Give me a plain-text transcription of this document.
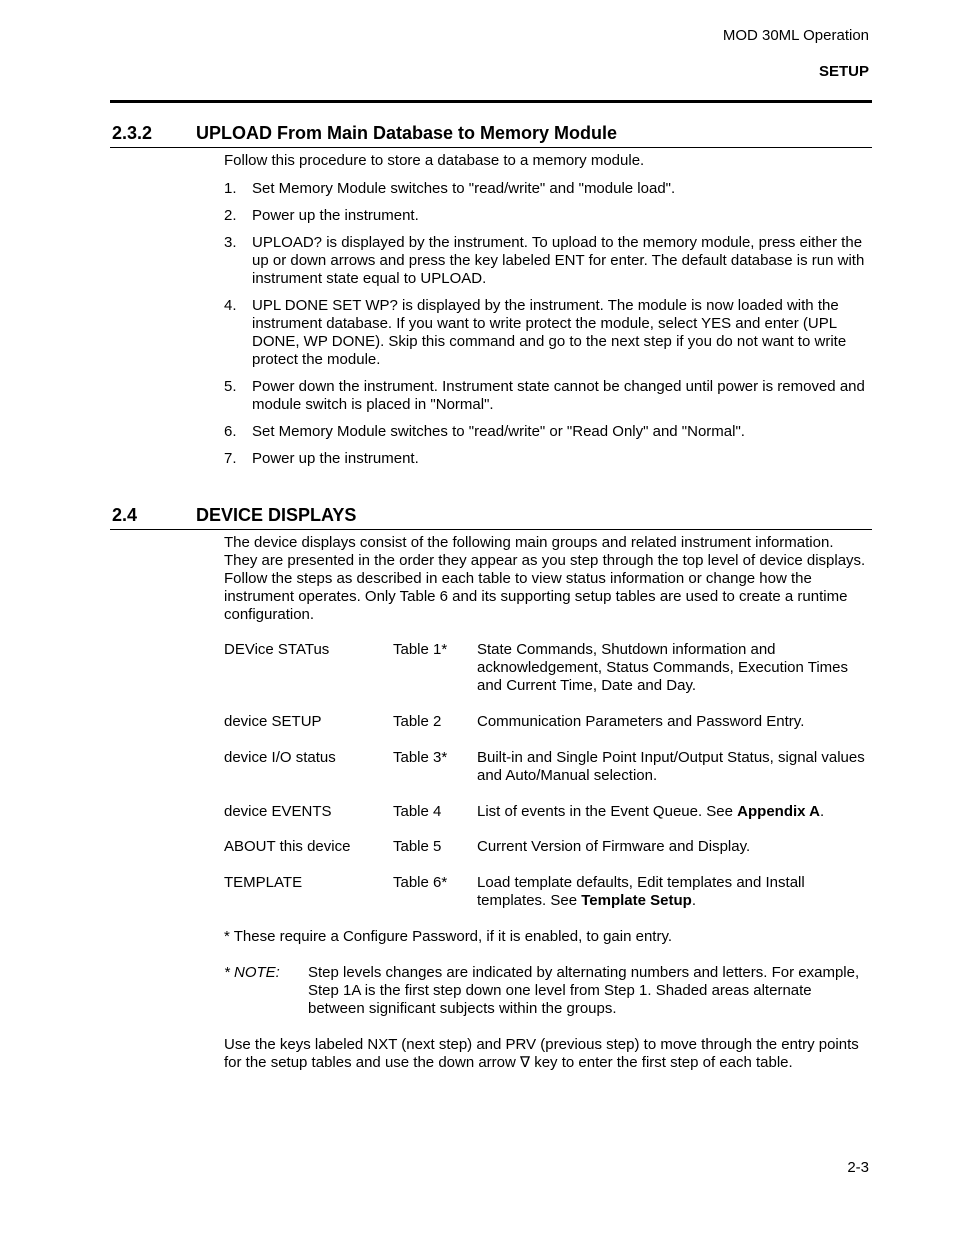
MOD 30ML Operation
SETUP
2.3.2 UPLOAD From Main Database to Memory Module
Follow this procedure to store a database to a memory module.
1. Set Memory Module switches to "read/write" and "module load".
2. Power up the instrument.
3. UPLOAD? is displayed by the instrument. To upload to the memory module, press either the up or down arrows and press the key labeled ENT for enter. The default database is run with instrument state equal to UPLOAD.
4. UPL DONE SET WP? is displayed by the instrument. The module is now loaded with the instrument database. If you want to write protect the module, select YES and enter (UPL DONE, WP DONE). Skip this command and go to the next step if you do not want to write protect the module.
5. Power down the instrument. Instrument state cannot be changed until power is removed and module switch is placed in "Normal".
6. Set Memory Module switches to "read/write" or "Read Only" and "Normal".
7. Power up the instrument.
2.4	DEVICE DISPLAYS
The device displays consist of the following main groups and related instrument information. They are presented in the order they appear as you step through the top level of device displays. Follow the steps as described in each table to view status information or change how the instrument operates. Only Table 6 and its supporting setup tables are used to create a runtime configuration.
DEVice STATus	Table 1*	State Commands, Shutdown information and acknowledgement, Status Commands, Execution Times and Current Time, Date and Day.
device SETUP	Table 2	Communication Parameters and Password Entry.
device I/O status	Table 3*	Built-in and Single Point Input/Output Status, signal values and Auto/Manual selection.
device EVENTS	Table 4	List of events in the Event Queue. See Appendix A.
ABOUT this device	Table 5	Current Version of Firmware and Display.
TEMPLATE	Table 6*	Load template defaults, Edit templates and Install templates. See Template Setup.
* These require a Configure Password, if it is enabled, to gain entry.
* NOTE: Step levels changes are indicated by alternating numbers and letters. For example, Step 1A is the first step down one level from Step 1. Shaded areas alternate between significant subjects within the groups.
Use the keys labeled NXT (next step) and PRV (previous step) to move through the entry points for the setup tables and use the down arrow ∇ key to enter the first step of each table.
2-3
